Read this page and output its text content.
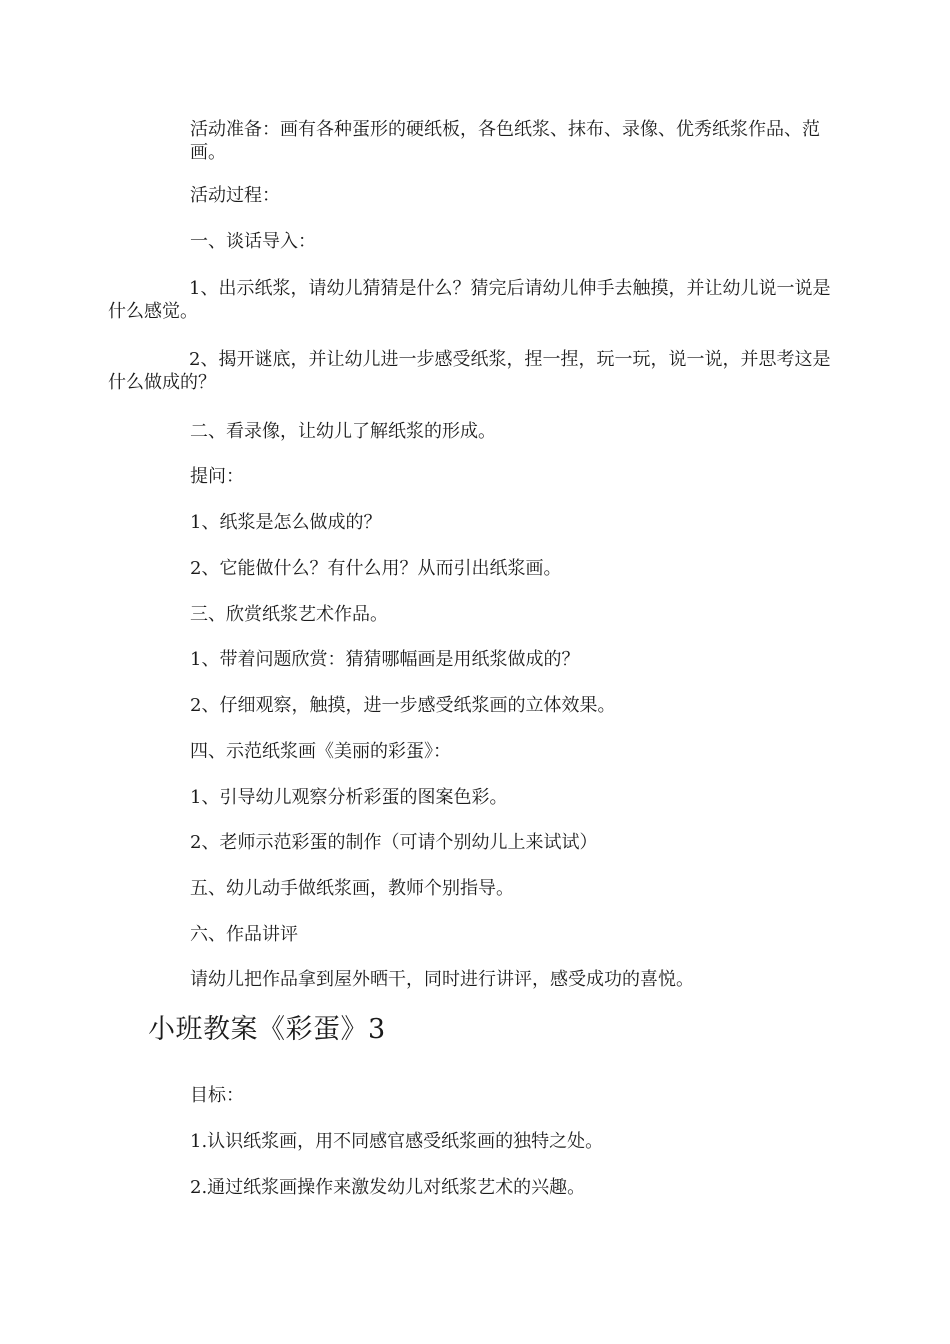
活动准备：画有各种蛋形的硬纸板，各色纸浆、抹布、录像、优秀纸浆作品、范画。

活动过程：

一、谈话导入：

1、出示纸浆，请幼儿猜猜是什么？猜完后请幼儿伸手去触摸，并让幼儿说一说是什么感觉。

2、揭开谜底，并让幼儿进一步感受纸浆，捏一捏，玩一玩，说一说，并思考这是什么做成的？

二、看录像，让幼儿了解纸浆的形成。

提问：

1、纸浆是怎么做成的？

2、它能做什么？有什么用？从而引出纸浆画。

三、欣赏纸浆艺术作品。

1、带着问题欣赏：猜猜哪幅画是用纸浆做成的？

2、仔细观察，触摸，进一步感受纸浆画的立体效果。

四、示范纸浆画《美丽的彩蛋》：

1、引导幼儿观察分析彩蛋的图案色彩。

2、老师示范彩蛋的制作（可请个别幼儿上来试试）

五、幼儿动手做纸浆画，教师个别指导。

六、作品讲评

请幼儿把作品拿到屋外晒干，同时进行讲评，感受成功的喜悦。

小班教案《彩蛋》3

目标：

1.认识纸浆画，用不同感官感受纸浆画的独特之处。

2.通过纸浆画操作来激发幼儿对纸浆艺术的兴趣。
